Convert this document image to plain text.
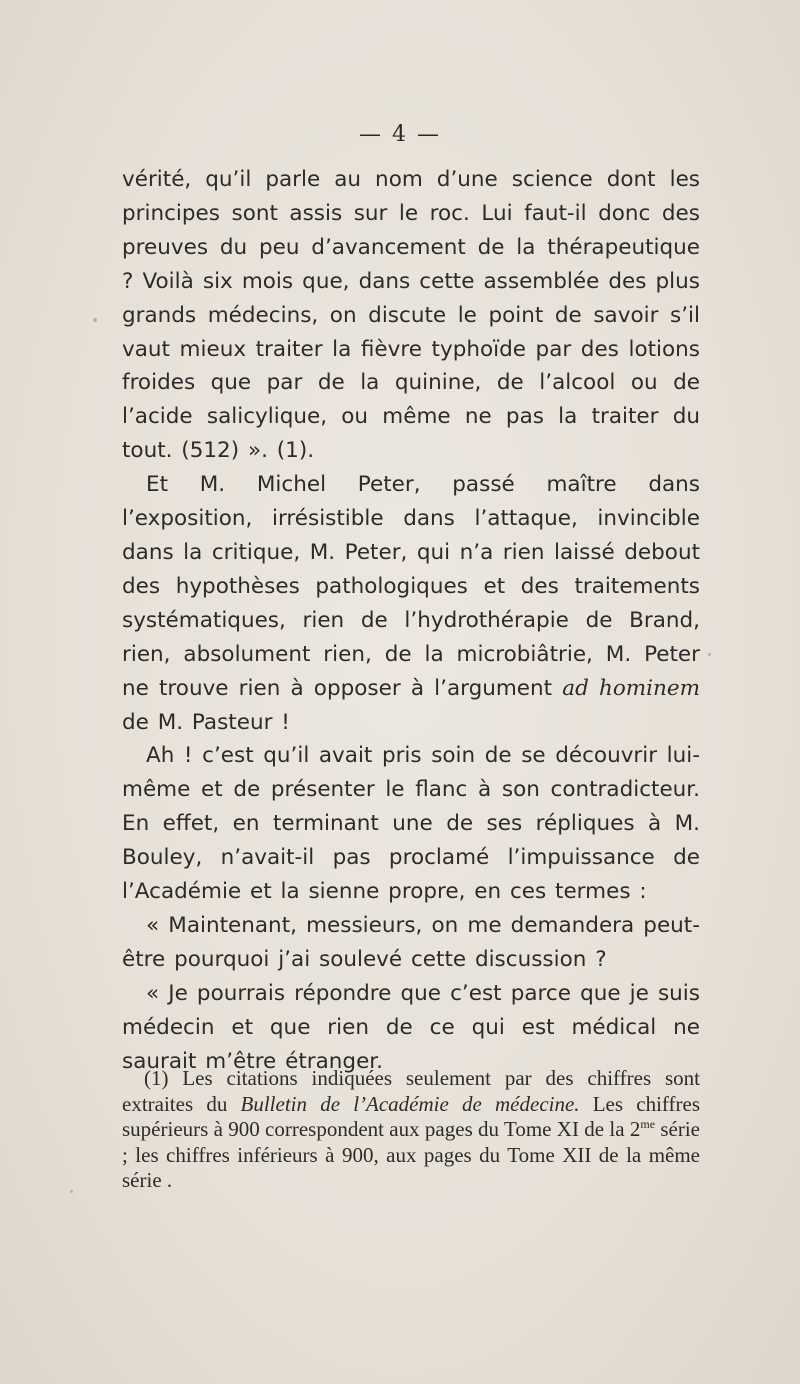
— 4 —

vérité, qu’il parle au nom d’une science dont les principes sont assis sur le roc. Lui faut-il donc des preuves du peu d’avancement de la thérapeutique ? Voilà six mois que, dans cette assemblée des plus grands médecins, on discute le point de savoir s’il vaut mieux traiter la fièvre typhoïde par des lotions froides que par de la quinine, de l’alcool ou de l’acide salicylique, ou même ne pas la traiter du tout. (512) ». (1).

Et M. Michel Peter, passé maître dans l’exposition, irrésistible dans l’attaque, invincible dans la critique, M. Peter, qui n’a rien laissé debout des hypothèses pathologiques et des traitements systématiques, rien de l’hydrothérapie de Brand, rien, absolument rien, de la microbiâtrie, M. Peter ne trouve rien à opposer à l’argument ad hominem de M. Pasteur !

Ah ! c’est qu’il avait pris soin de se découvrir lui-même et de présenter le flanc à son contradicteur. En effet, en terminant une de ses répliques à M. Bouley, n’avait-il pas proclamé l’impuissance de l’Académie et la sienne propre, en ces termes :

« Maintenant, messieurs, on me demandera peut-être pourquoi j’ai soulevé cette discussion ?

« Je pourrais répondre que c’est parce que je suis médecin et que rien de ce qui est médical ne saurait m’être étranger.

(1) Les citations indiquées seulement par des chiffres sont extraites du Bulletin de l’Académie de médecine. Les chiffres supérieurs à 900 correspondent aux pages du Tome XI de la $2^{me}$ série ; les chiffres inférieurs à 900, aux pages du Tome XII de la même série .
